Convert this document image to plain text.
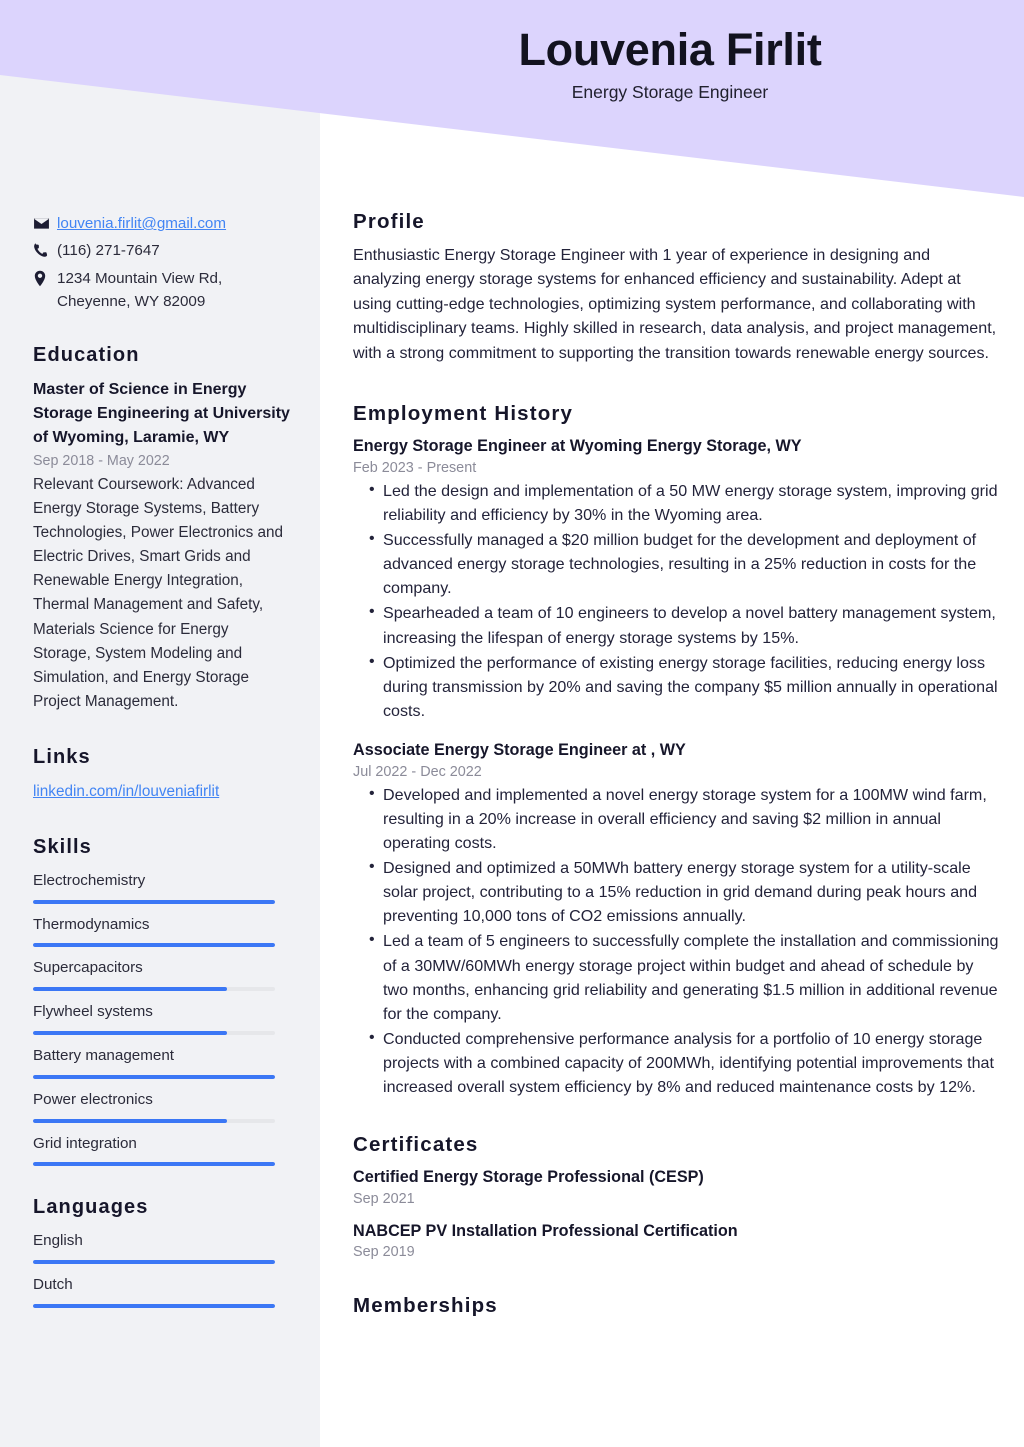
Louvenia Firlit
Energy Storage Engineer
louvenia.firlit@gmail.com
(116) 271-7647
1234 Mountain View Rd,
Cheyenne, WY 82009
Education
Master of Science in Energy Storage Engineering at University of Wyoming, Laramie, WY
Sep 2018 - May 2022
Relevant Coursework: Advanced Energy Storage Systems, Battery Technologies, Power Electronics and Electric Drives, Smart Grids and Renewable Energy Integration, Thermal Management and Safety, Materials Science for Energy Storage, System Modeling and Simulation, and Energy Storage Project Management.
Links
linkedin.com/in/louveniafirlit
Skills
Electrochemistry
Thermodynamics
Supercapacitors
Flywheel systems
Battery management
Power electronics
Grid integration
Languages
English
Dutch
Profile
Enthusiastic Energy Storage Engineer with 1 year of experience in designing and analyzing energy storage systems for enhanced efficiency and sustainability. Adept at using cutting-edge technologies, optimizing system performance, and collaborating with multidisciplinary teams. Highly skilled in research, data analysis, and project management, with a strong commitment to supporting the transition towards renewable energy sources.
Employment History
Energy Storage Engineer at Wyoming Energy Storage, WY
Feb 2023 - Present
• Led the design and implementation of a 50 MW energy storage system, improving grid reliability and efficiency by 30% in the Wyoming area.
• Successfully managed a $20 million budget for the development and deployment of advanced energy storage technologies, resulting in a 25% reduction in costs for the company.
• Spearheaded a team of 10 engineers to develop a novel battery management system, increasing the lifespan of energy storage systems by 15%.
• Optimized the performance of existing energy storage facilities, reducing energy loss during transmission by 20% and saving the company $5 million annually in operational costs.
Associate Energy Storage Engineer at , WY
Jul 2022 - Dec 2022
• Developed and implemented a novel energy storage system for a 100MW wind farm, resulting in a 20% increase in overall efficiency and saving $2 million in annual operating costs.
• Designed and optimized a 50MWh battery energy storage system for a utility-scale solar project, contributing to a 15% reduction in grid demand during peak hours and preventing 10,000 tons of CO2 emissions annually.
• Led a team of 5 engineers to successfully complete the installation and commissioning of a 30MW/60MWh energy storage project within budget and ahead of schedule by two months, enhancing grid reliability and generating $1.5 million in additional revenue for the company.
• Conducted comprehensive performance analysis for a portfolio of 10 energy storage projects with a combined capacity of 200MWh, identifying potential improvements that increased overall system efficiency by 8% and reduced maintenance costs by 12%.
Certificates
Certified Energy Storage Professional (CESP)
Sep 2021
NABCEP PV Installation Professional Certification
Sep 2019
Memberships
